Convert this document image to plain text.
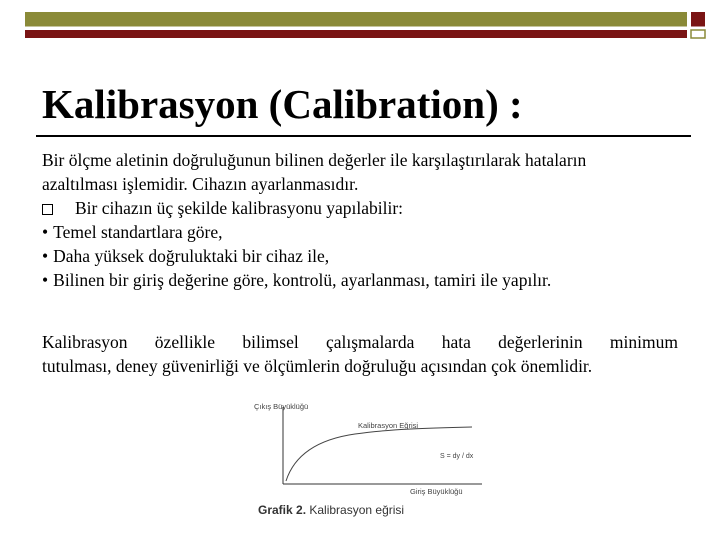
Kalibrasyon (Calibration) :

Bir ölçme aletinin doğruluğunun bilinen değerler ile karşılaştırılarak hataların

azaltılması işlemidir. Cihazın ayarlanmasıdır.

Bir cihazın üç şekilde kalibrasyonu yapılabilir:

• Temel standartlara göre,

• Daha yüksek doğruluktaki bir cihaz ile,

• Bilinen bir giriş değerine göre, kontrolü, ayarlanması, tamiri ile yapılır.

Kalibrasyon özellikle bilimsel çalışmalarda hata değerlerinin minimum
tutulması, deney güvenirliği ve ölçümlerin doğruluğu açısından çok önemlidir.
Çıkış Büyüklüğü
Kalibrasyon Eğrisi
S = dy / dx
Giriş Büyüklüğü
Grafik 2. Kalibrasyon eğrisi
